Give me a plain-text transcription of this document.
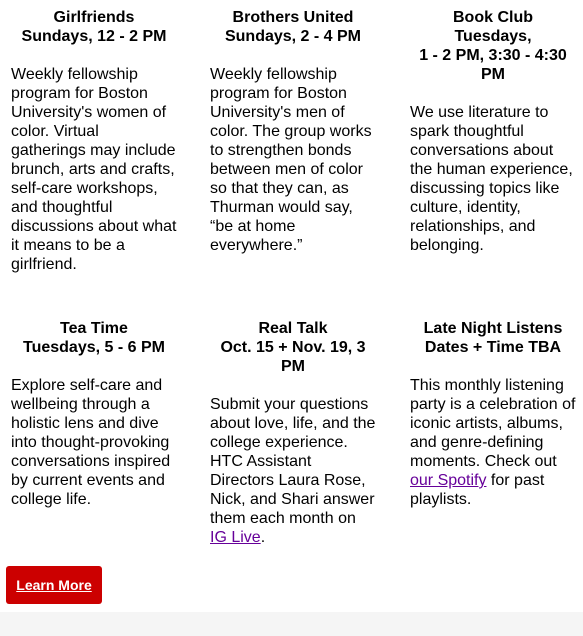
Girlfriends
Sundays, 12 - 2 PM

Weekly fellowship program for Boston University's women of color. Virtual gatherings may include brunch, arts and crafts, self-care workshops, and thoughtful discussions about what it means to be a girlfriend.

Brothers United
Sundays, 2 - 4 PM

Weekly fellowship program for Boston University's men of color. The group works to strengthen bonds between men of color so that they can, as Thurman would say, “be at home everywhere.”

Book Club
Tuesdays,
1 - 2 PM, 3:30 - 4:30 PM

We use literature to spark thoughtful conversations about the human experience, discussing topics like culture, identity, relationships, and belonging.

Tea Time
Tuesdays, 5 - 6 PM

Explore self-care and wellbeing through a holistic lens and dive into thought-provoking conversations inspired by current events and college life.

Real Talk
Oct. 15 + Nov. 19, 3 PM

Submit your questions about love, life, and the college experience. HTC Assistant Directors Laura Rose, Nick, and Shari answer them each month on IG Live.

Late Night Listens
Dates + Time TBA

This monthly listening party is a celebration of iconic artists, albums, and genre-defining moments. Check out our Spotify for past playlists.

Learn More
